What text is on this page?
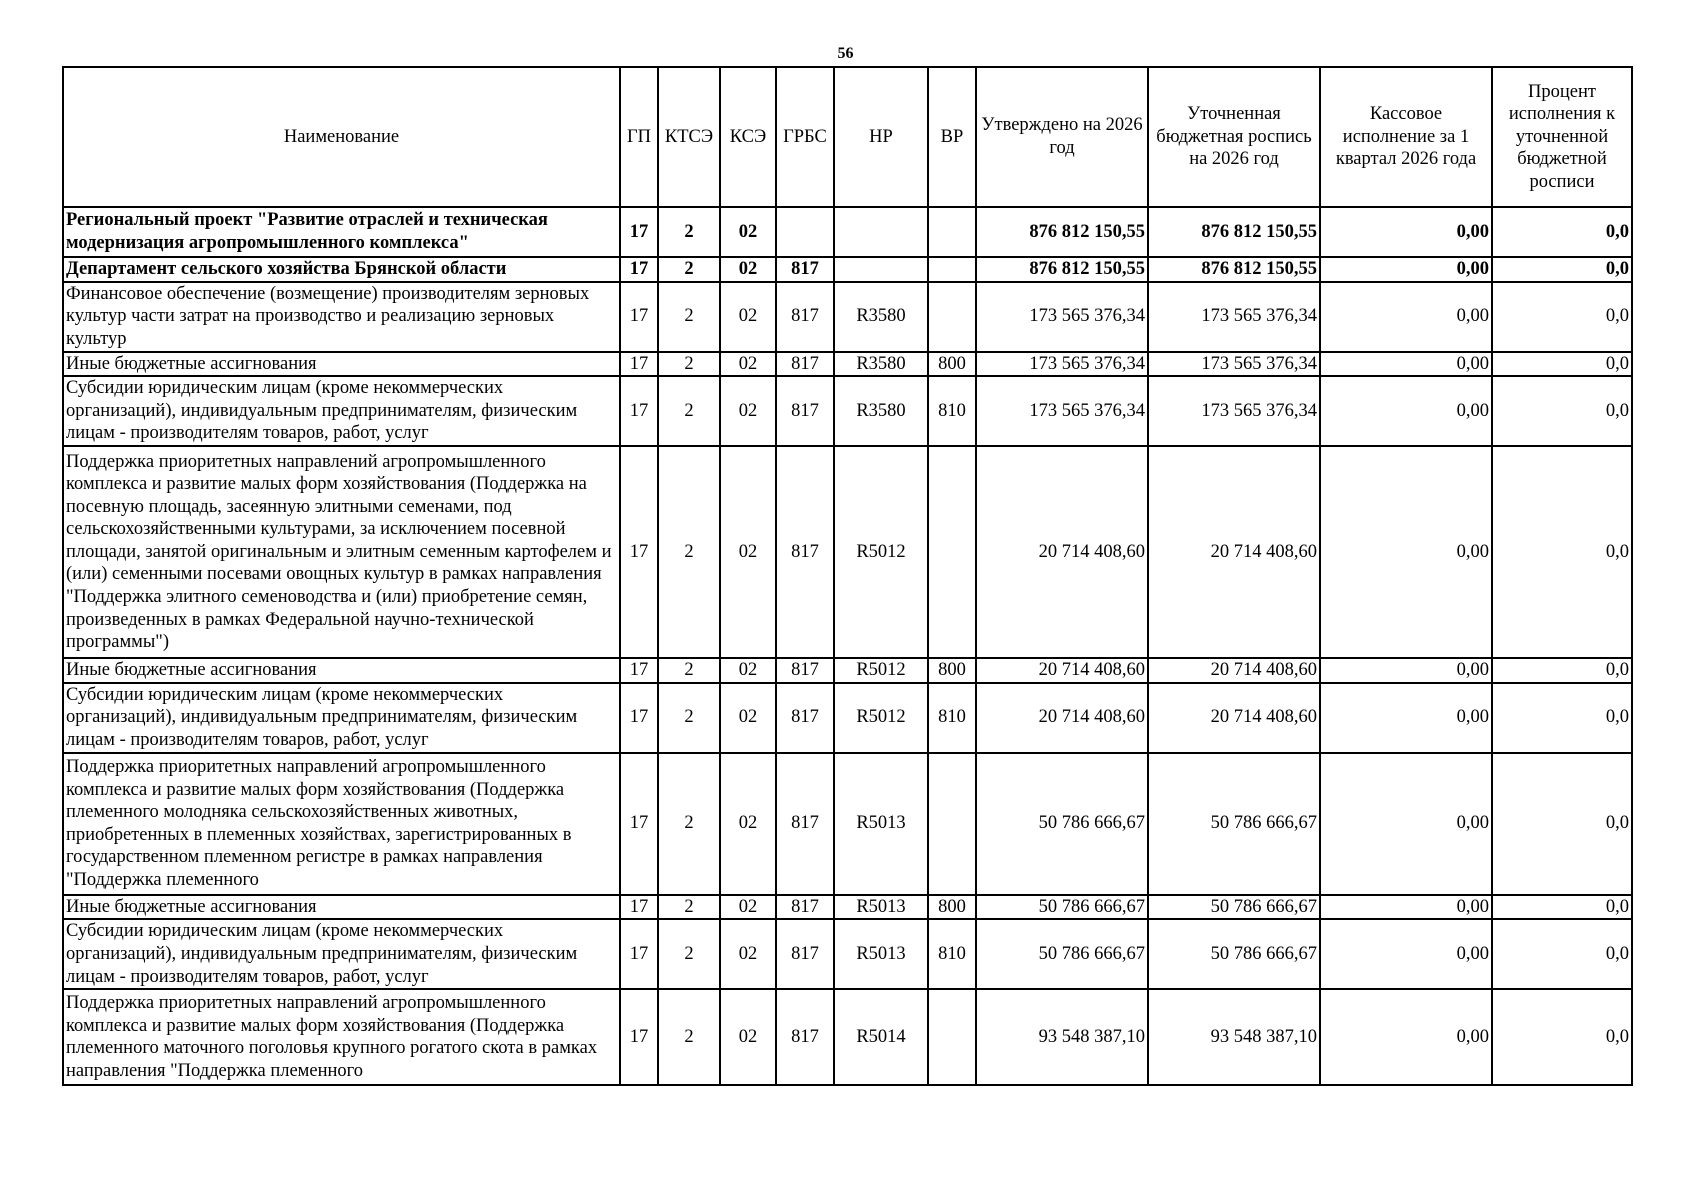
56
Наименование	ГП	КТСЭ	КСЭ	ГРБС	НР	ВР	Утверждено на 2026 год	Уточненная бюджетная роспись на 2026 год	Кассовое исполнение за 1 квартал 2026 года	Процент исполнения к уточненной бюджетной росписи
Региональный проект "Развитие отраслей и техническая модернизация агропромышленного комплекса"	17	2	02				876 812 150,55	876 812 150,55	0,00	0,0
Департамент сельского хозяйства Брянской области	17	2	02	817			876 812 150,55	876 812 150,55	0,00	0,0
Финансовое обеспечение (возмещение) производителям зерновых культур части затрат на производство и реализацию зерновых культур	17	2	02	817	R3580		173 565 376,34	173 565 376,34	0,00	0,0
Иные бюджетные ассигнования	17	2	02	817	R3580	800	173 565 376,34	173 565 376,34	0,00	0,0
Субсидии юридическим лицам (кроме некоммерческих организаций), индивидуальным предпринимателям, физическим лицам - производителям товаров, работ, услуг	17	2	02	817	R3580	810	173 565 376,34	173 565 376,34	0,00	0,0
Поддержка приоритетных направлений агропромышленного комплекса и развитие малых форм хозяйствования (Поддержка на посевную площадь, засеянную элитными семенами, под сельскохозяйственными культурами, за исключением посевной площади, занятой оригинальным и элитным семенным картофелем и (или) семенными посевами овощных культур в рамках направления "Поддержка элитного семеноводства и (или) приобретение семян, произведенных в рамках Федеральной научно-технической программы")	17	2	02	817	R5012		20 714 408,60	20 714 408,60	0,00	0,0
Иные бюджетные ассигнования	17	2	02	817	R5012	800	20 714 408,60	20 714 408,60	0,00	0,0
Субсидии юридическим лицам (кроме некоммерческих организаций), индивидуальным предпринимателям, физическим лицам - производителям товаров, работ, услуг	17	2	02	817	R5012	810	20 714 408,60	20 714 408,60	0,00	0,0
Поддержка приоритетных направлений агропромышленного комплекса и развитие малых форм хозяйствования (Поддержка племенного молодняка сельскохозяйственных животных, приобретенных в племенных хозяйствах, зарегистрированных в государственном племенном регистре в рамках направления "Поддержка племенного	17	2	02	817	R5013		50 786 666,67	50 786 666,67	0,00	0,0
Иные бюджетные ассигнования	17	2	02	817	R5013	800	50 786 666,67	50 786 666,67	0,00	0,0
Субсидии юридическим лицам (кроме некоммерческих организаций), индивидуальным предпринимателям, физическим лицам - производителям товаров, работ, услуг	17	2	02	817	R5013	810	50 786 666,67	50 786 666,67	0,00	0,0
Поддержка приоритетных направлений агропромышленного комплекса и развитие малых форм хозяйствования (Поддержка племенного маточного поголовья крупного рогатого скота в рамках направления "Поддержка племенного	17	2	02	817	R5014		93 548 387,10	93 548 387,10	0,00	0,0
